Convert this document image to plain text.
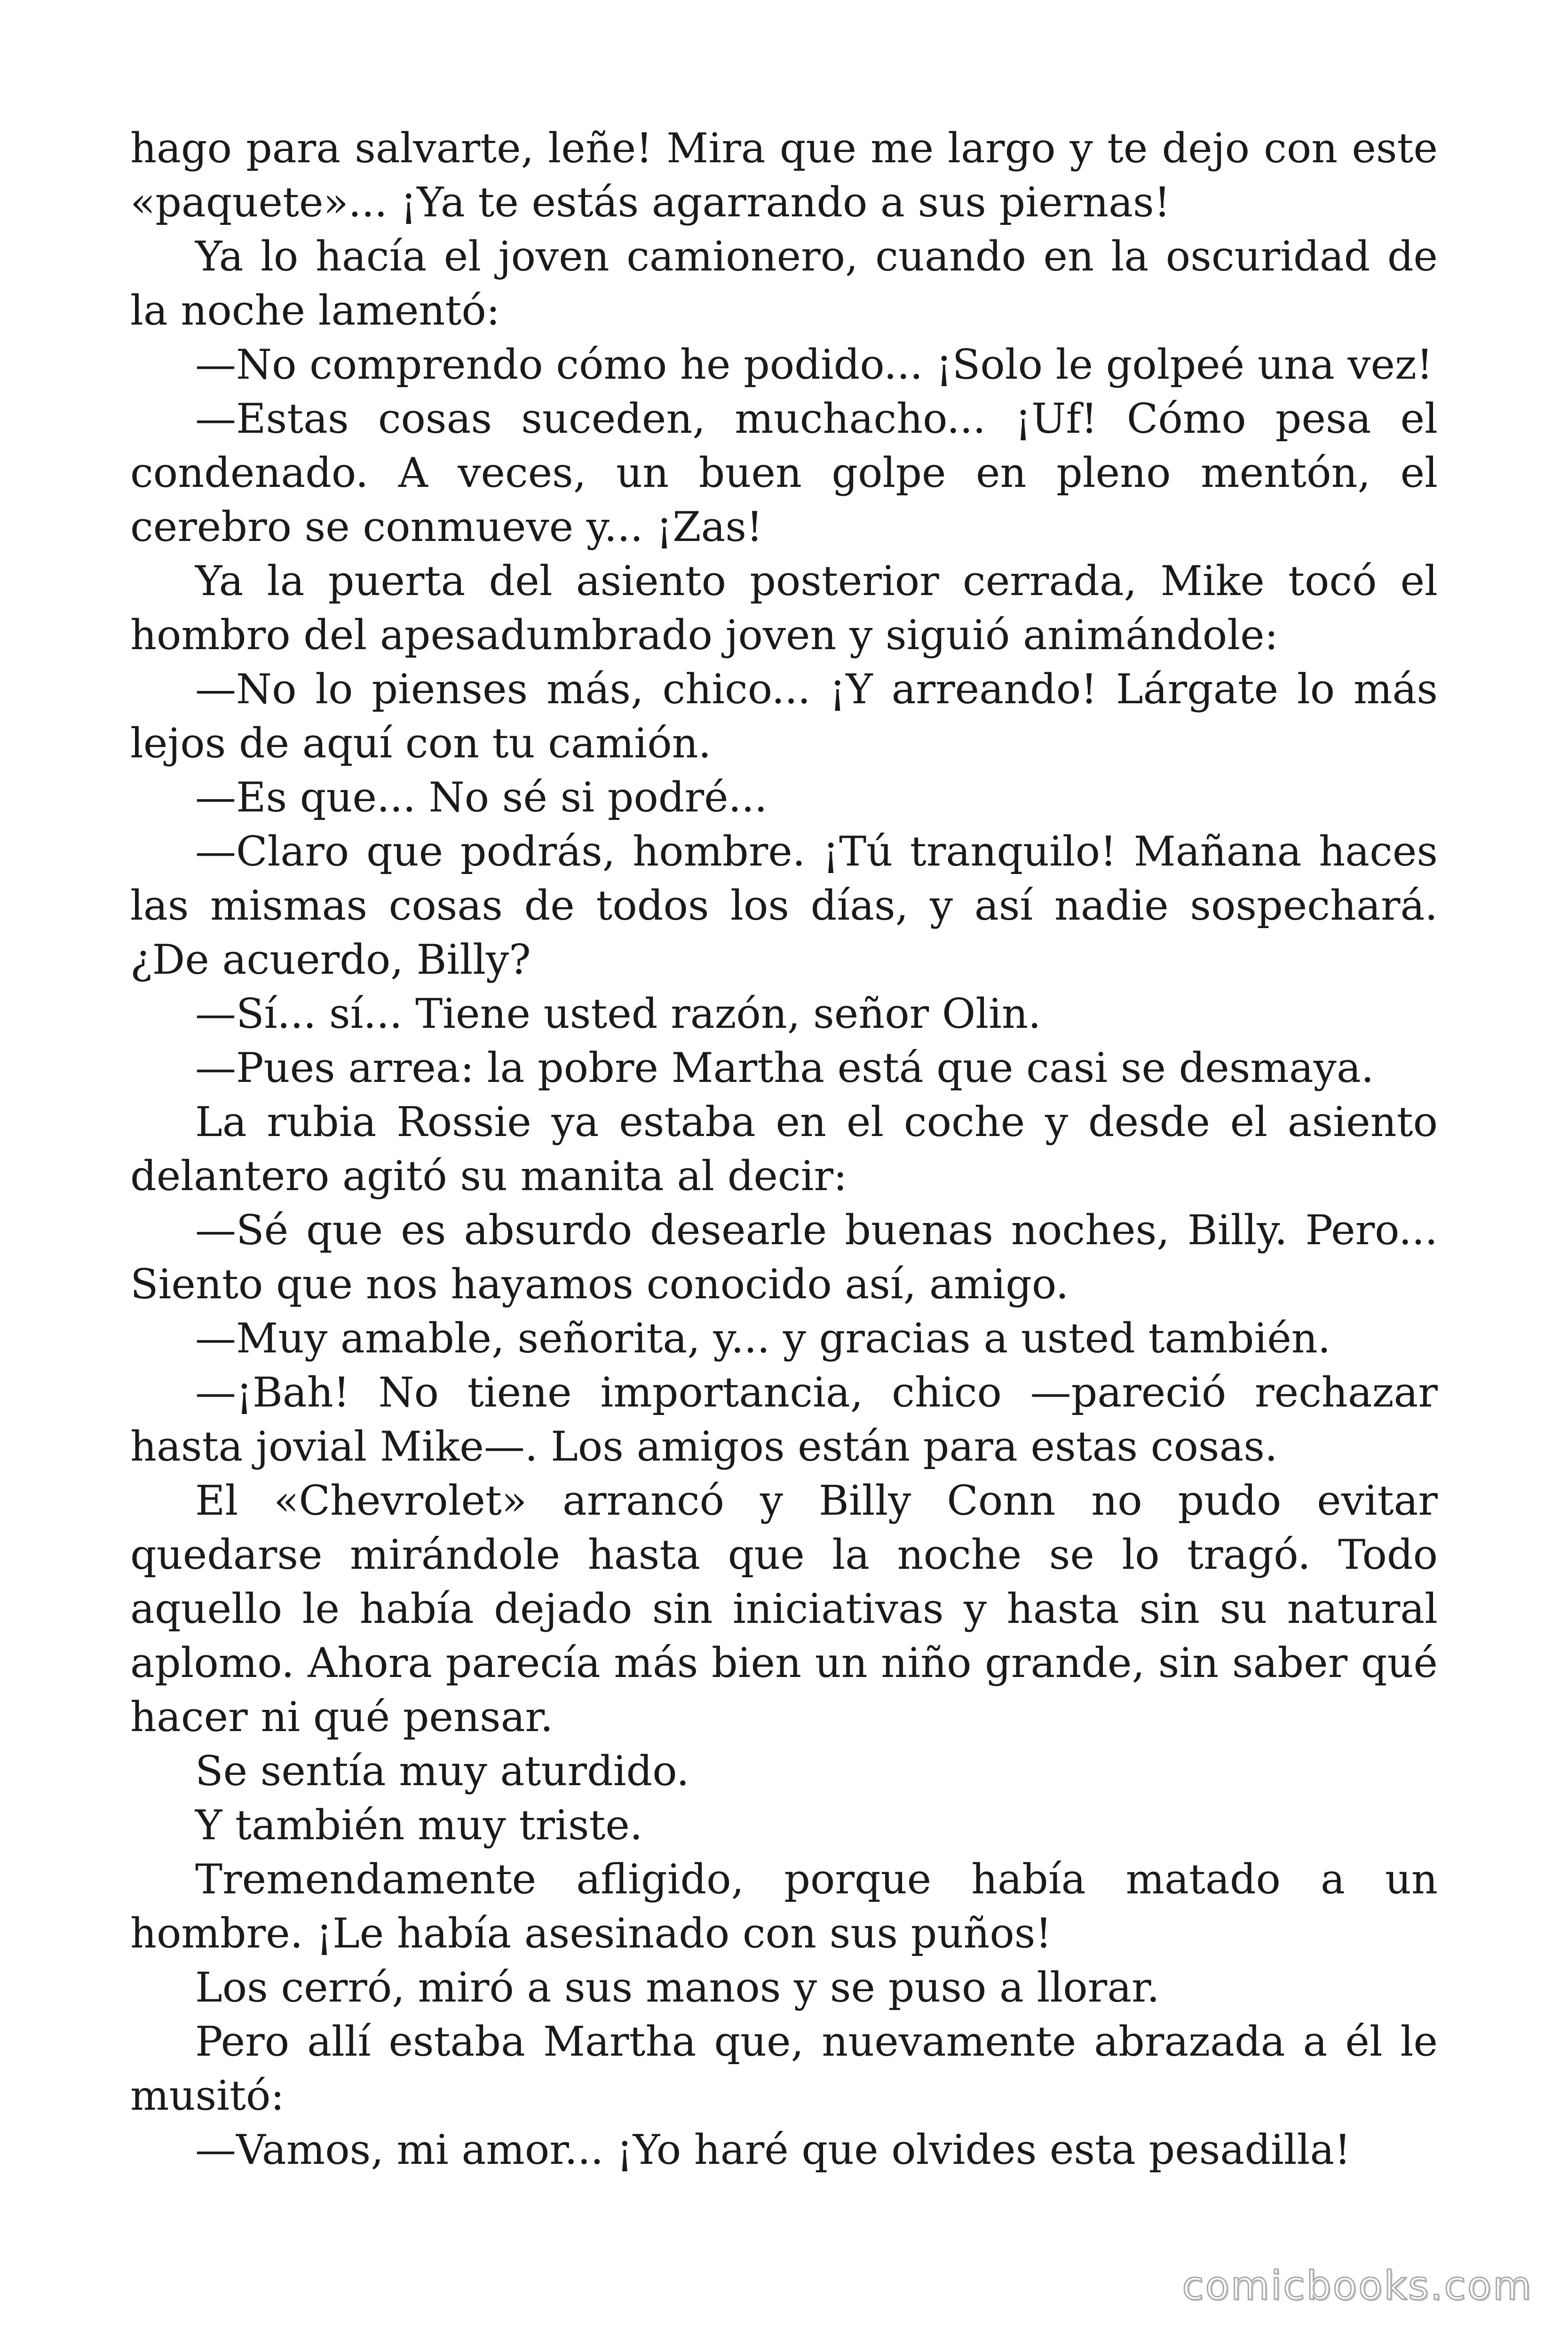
hago para salvarte, leñe! Mira que me largo y te dejo con este «paquete»... ¡Ya te estás agarrando a sus piernas!

Ya lo hacía el joven camionero, cuando en la oscuridad de la noche lamentó:

—No comprendo cómo he podido... ¡Solo le golpeé una vez!

—Estas cosas suceden, muchacho... ¡Uf! Cómo pesa el condenado. A veces, un buen golpe en pleno mentón, el cerebro se conmueve y... ¡Zas!

Ya la puerta del asiento posterior cerrada, Mike tocó el hombro del apesadumbrado joven y siguió animándole:

—No lo pienses más, chico... ¡Y arreando! Lárgate lo más lejos de aquí con tu camión.

—Es que... No sé si podré...

—Claro que podrás, hombre. ¡Tú tranquilo! Mañana haces las mismas cosas de todos los días, y así nadie sospechará. ¿De acuerdo, Billy?

—Sí... sí... Tiene usted razón, señor Olin.

—Pues arrea: la pobre Martha está que casi se desmaya.

La rubia Rossie ya estaba en el coche y desde el asiento delantero agitó su manita al decir:

—Sé que es absurdo desearle buenas noches, Billy. Pero... Siento que nos hayamos conocido así, amigo.

—Muy amable, señorita, y... y gracias a usted también.

—¡Bah! No tiene importancia, chico —pareció rechazar hasta jovial Mike—. Los amigos están para estas cosas.

El «Chevrolet» arrancó y Billy Conn no pudo evitar quedarse mirándole hasta que la noche se lo tragó. Todo aquello le había dejado sin iniciativas y hasta sin su natural aplomo. Ahora parecía más bien un niño grande, sin saber qué hacer ni qué pensar.

Se sentía muy aturdido.

Y también muy triste.

Tremendamente afligido, porque había matado a un hombre. ¡Le había asesinado con sus puños!

Los cerró, miró a sus manos y se puso a llorar.

Pero allí estaba Martha que, nuevamente abrazada a él le musitó:

—Vamos, mi amor... ¡Yo haré que olvides esta pesadilla!

comicbooks.com
